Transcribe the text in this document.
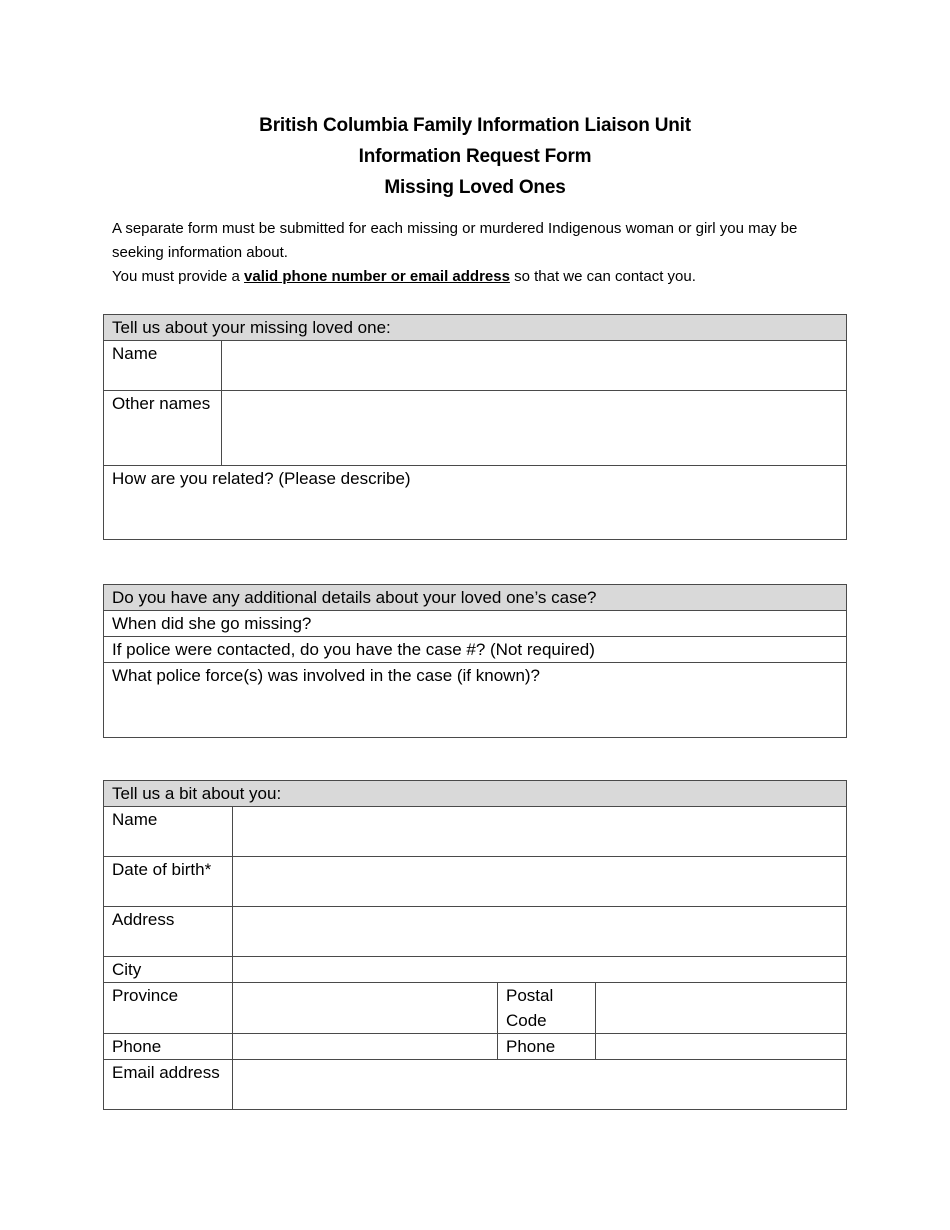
British Columbia Family Information Liaison Unit
Information Request Form
Missing Loved Ones

A separate form must be submitted for each missing or murdered Indigenous woman or girl you may be seeking information about.

You must provide a valid phone number or email address so that we can contact you.

Tell us about your missing loved one:	
Name	
Other names	
How are you related? (Please describe)	
Do you have any additional details about your loved one’s case?
When did she go missing?
If police were contacted, do you have the case #? (Not required)
What police force(s) was involved in the case (if known)?
Tell us a bit about you:			
Name			
Date of birth*			
Address			
City			
Province		Postal Code	
Phone		Phone	
Email address			
